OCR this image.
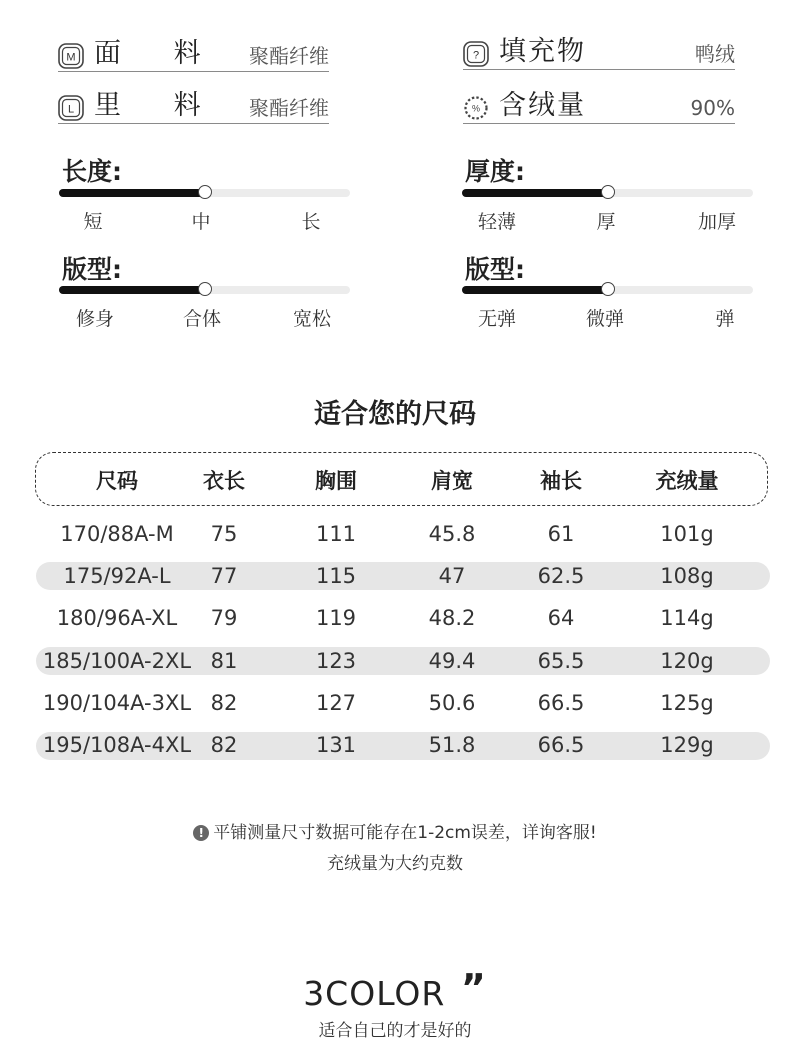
M 面 料 聚酯纤维
L 里 料 聚酯纤维
? 填充物	鸭绒
% 含绒量	90%
长度:
短	中	长
厚度:
轻薄	厚	加厚
版型:
修身	合体	宽松
版型:
无弹	微弹	弹
适合您的尺码
尺码	衣长	胸围	肩宽	袖长	充绒量
170/88A-M	75	111	45.8	61	101g
175/92A-L	77	115	47	62.5	108g
180/96A-XL	79	119	48.2	64	114g
185/100A-2XL 81	123	49.4	65.5	120g
190/104A-3XL 82	127	50.6	66.5	125g
195/108A-4XL 82	131	51.8	66.5	129g
! 平铺测量尺寸数据可能存在1-2cm误差，详询客服!
充绒量为大约克数
3COLOR ”
适合自己的才是好的
